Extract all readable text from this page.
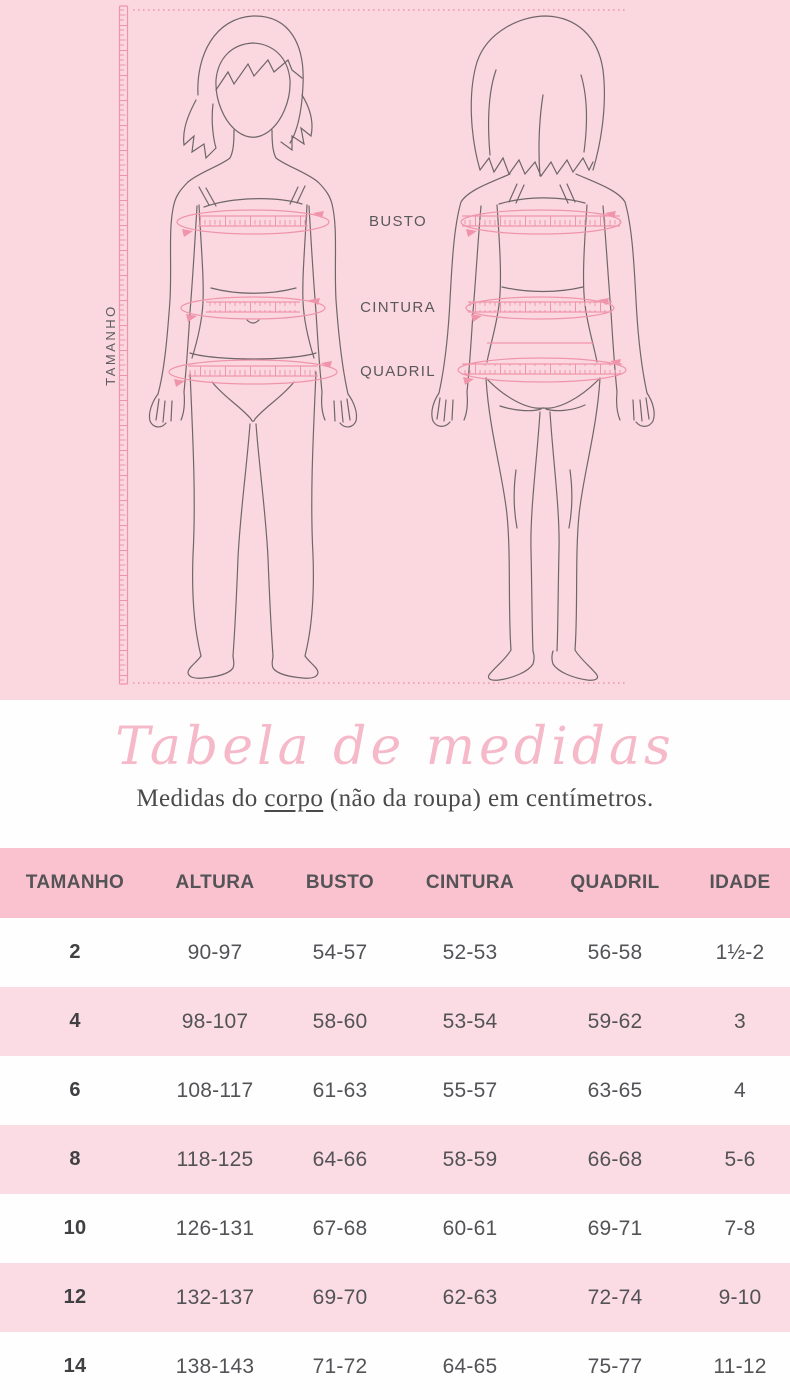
TAMANHO
BUSTO
CINTURA
QUADRIL
Tabela de medidas
Medidas do corpo (não da roupa) em centímetros.
TAMANHO	ALTURA	BUSTO	CINTURA	QUADRIL	IDADE
2	90-97	54-57	52-53	56-58	1½-2
4	98-107	58-60	53-54	59-62	3
6	108-117	61-63	55-57	63-65	4
8	118-125	64-66	58-59	66-68	5-6
10	126-131	67-68	60-61	69-71	7-8
12	132-137	69-70	62-63	72-74	9-10
14	138-143	71-72	64-65	75-77	11-12
